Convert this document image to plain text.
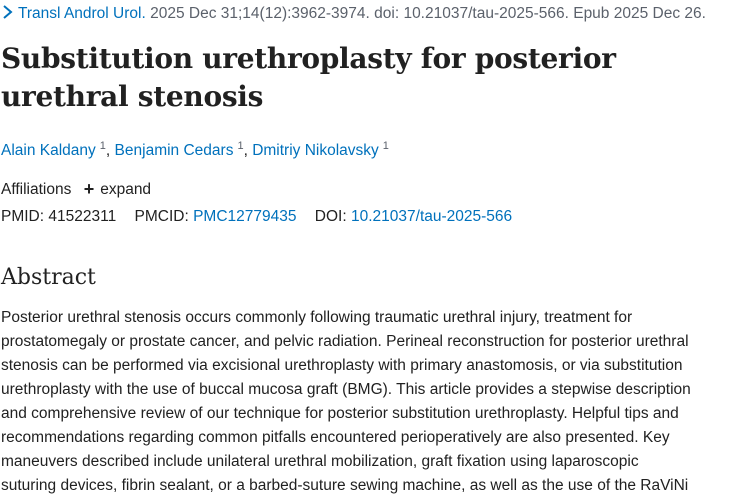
Transl Androl Urol. 2025 Dec 31;14(12):3962-3974. doi: 10.21037/tau-2025-566. Epub 2025 Dec 26.
Substitution urethroplasty for posterior urethral stenosis
Alain Kaldany $^1$, Benjamin Cedars $^1$, Dmitriy Nikolavsky $^1$
Affiliations + expand
PMID: 41522311 PMCID: PMC12779435 DOI: 10.21037/tau-2025-566
Abstract

Posterior urethral stenosis occurs commonly following traumatic urethral injury, treatment for
prostatomegaly or prostate cancer, and pelvic radiation. Perineal reconstruction for posterior urethral
stenosis can be performed via excisional urethroplasty with primary anastomosis, or via substitution
urethroplasty with the use of buccal mucosa graft (BMG). This article provides a stepwise description
and comprehensive review of our technique for posterior substitution urethroplasty. Helpful tips and
recommendations regarding common pitfalls encountered perioperatively are also presented. Key
maneuvers described include unilateral urethral mobilization, graft fixation using laparoscopic
suturing devices, fibrin sealant, or a barbed-suture sewing machine, as well as the use of the RaViNi
